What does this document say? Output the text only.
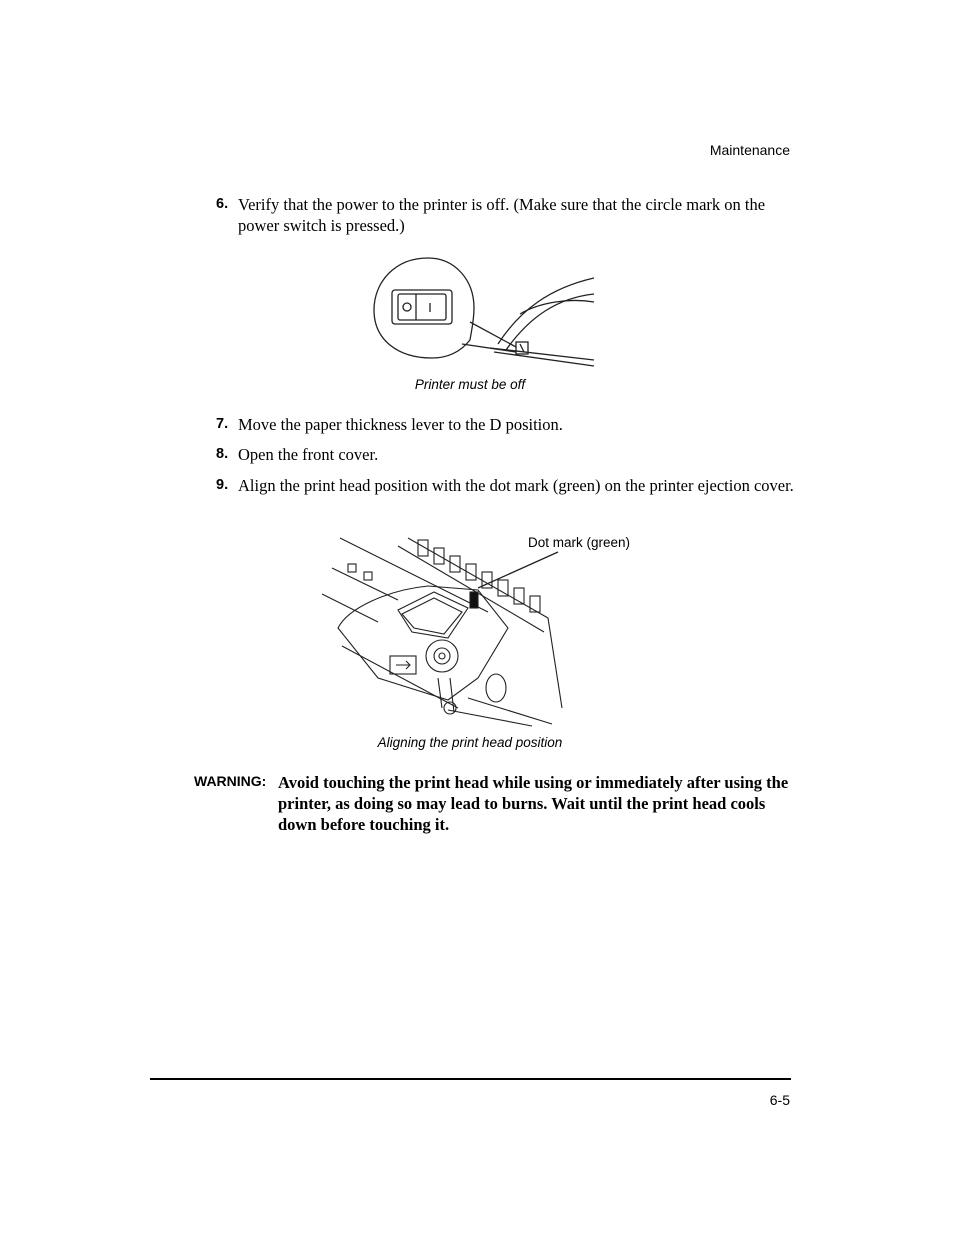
Maintenance
6. Verify that the power to the printer is off. (Make sure that the circle mark on the power switch is pressed.)
Printer must be off
7. Move the paper thickness lever to the D position.
8. Open the front cover.
9. Align the print head position with the dot mark (green) on the printer ejection cover.
Dot mark (green)
Aligning the print head position
WARNING: Avoid touching the print head while using or immediately after using the printer, as doing so may lead to burns. Wait until the print head cools down before touching it.
6-5
